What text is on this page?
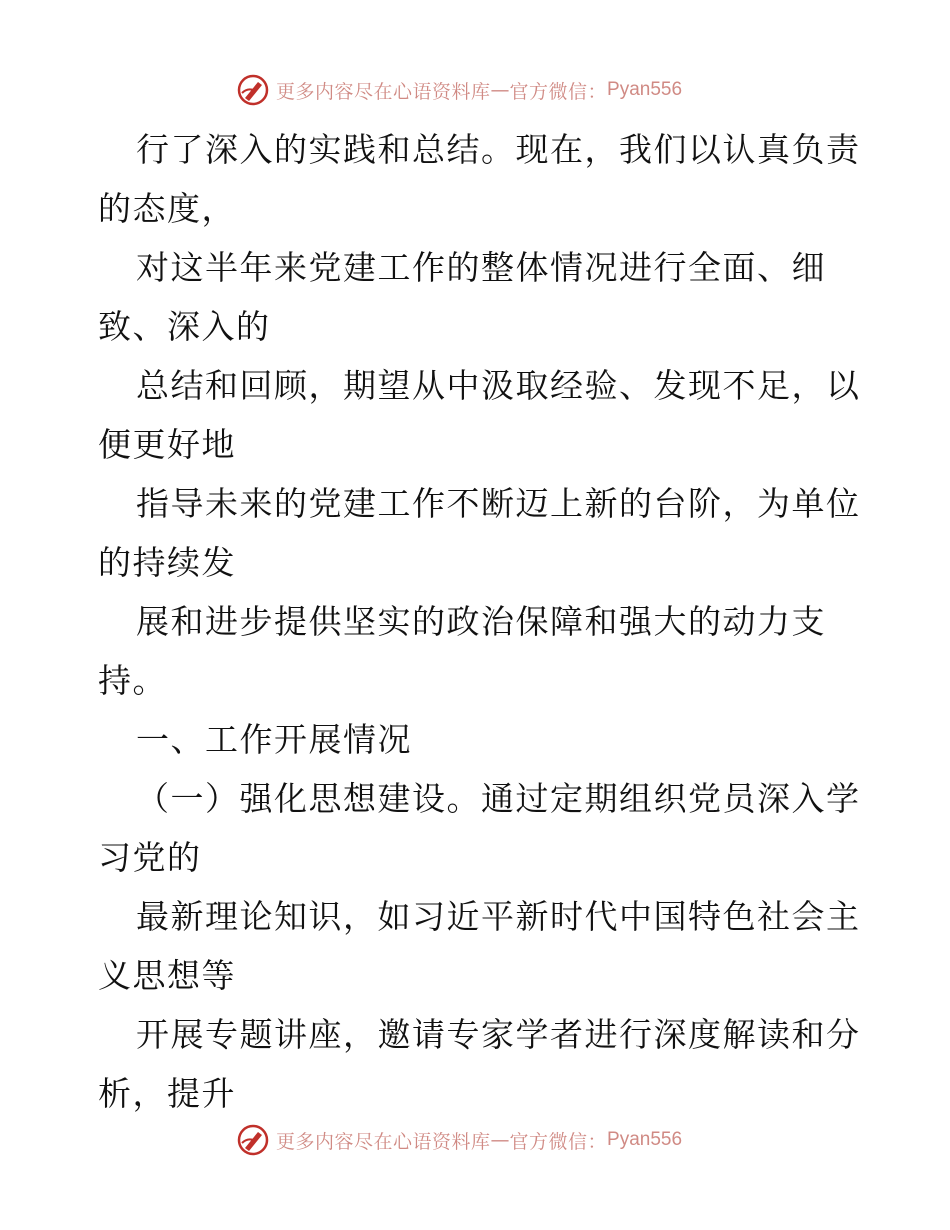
更多内容尽在心语资料库 — 官方微信： Pyan556
行了深入的实践和总结。现在，我们以认真负责
的态度，
对这半年来党建工作的整体情况进行全面、细
致、深入的
总结和回顾，期望从中汲取经验、发现不足，以
便更好地
指导未来的党建工作不断迈上新的台阶，为单位
的持续发
展和进步提供坚实的政治保障和强大的动力支
持。
一、工作开展情况
（一）强化思想建设。通过定期组织党员深入学
习党的
最新理论知识，如习近平新时代中国特色社会主
义思想等
开展专题讲座，邀请专家学者进行深度解读和分
析，提升
更多内容尽在心语资料库 — 官方微信： Pyan556
